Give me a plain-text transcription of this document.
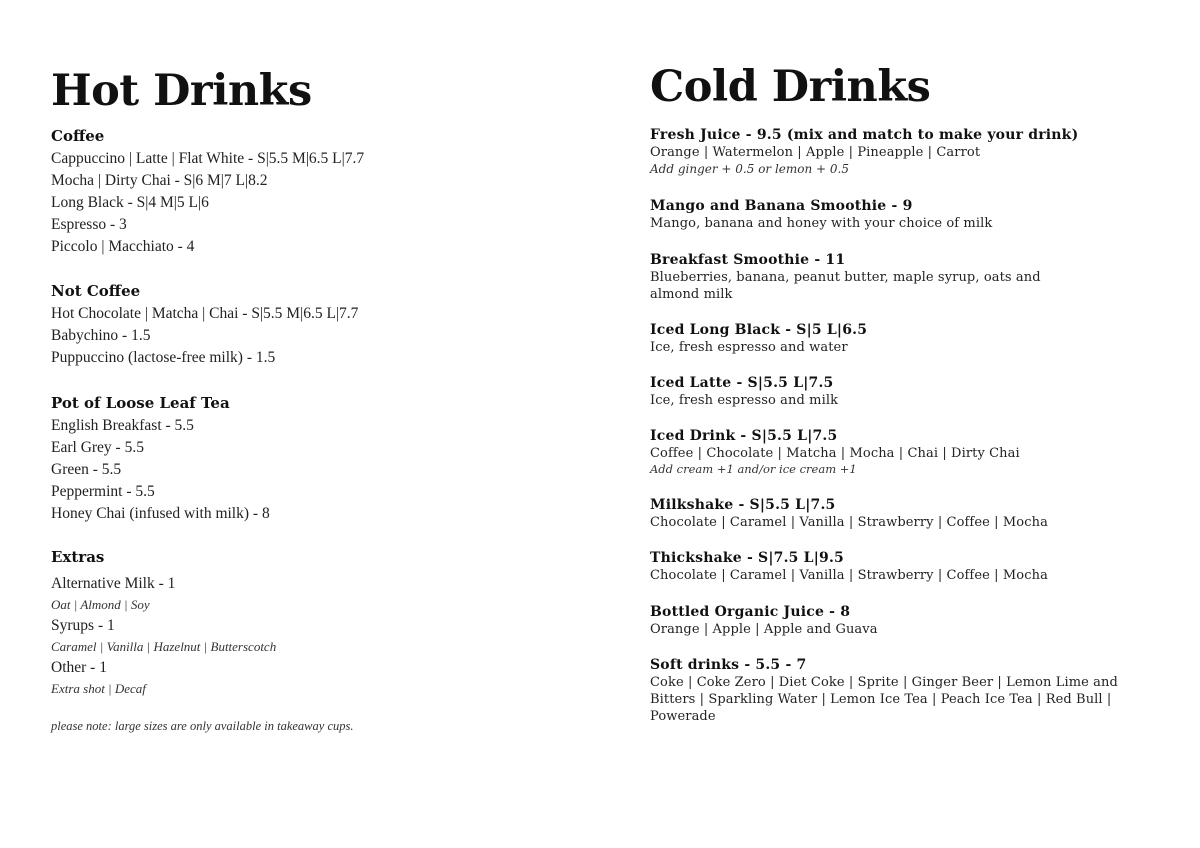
Hot Drinks
Coffee
Cappuccino | Latte | Flat White - S|5.5 M|6.5 L|7.7
Mocha | Dirty Chai - S|6 M|7 L|8.2
Long Black - S|4 M|5 L|6
Espresso - 3
Piccolo | Macchiato - 4
Not Coffee
Hot Chocolate | Matcha | Chai - S|5.5 M|6.5 L|7.7
Babychino - 1.5
Puppuccino (lactose-free milk) - 1.5
Pot of Loose Leaf Tea
English Breakfast - 5.5
Earl Grey - 5.5
Green - 5.5
Peppermint - 5.5
Honey Chai (infused with milk) - 8
Extras
Alternative Milk - 1
Oat | Almond | Soy
Syrups - 1
Caramel | Vanilla | Hazelnut | Butterscotch
Other - 1
Extra shot | Decaf
please note: large sizes are only available in takeaway cups.
Cold Drinks
Fresh Juice - 9.5 (mix and match to make your drink)
Orange | Watermelon | Apple | Pineapple | Carrot
Add ginger + 0.5 or lemon + 0.5
Mango and Banana Smoothie - 9
Mango, banana and honey with your choice of milk
Breakfast Smoothie - 11
Blueberries, banana, peanut butter, maple syrup, oats and almond milk
Iced Long Black - S|5 L|6.5
Ice, fresh espresso and water
Iced Latte - S|5.5 L|7.5
Ice, fresh espresso and milk
Iced Drink - S|5.5 L|7.5
Coffee | Chocolate | Matcha | Mocha | Chai | Dirty Chai
Add cream +1 and/or ice cream +1
Milkshake - S|5.5 L|7.5
Chocolate | Caramel | Vanilla | Strawberry | Coffee | Mocha
Thickshake - S|7.5 L|9.5
Chocolate | Caramel | Vanilla | Strawberry | Coffee | Mocha
Bottled Organic Juice - 8
Orange | Apple | Apple and Guava
Soft drinks - 5.5 - 7
Coke | Coke Zero | Diet Coke | Sprite | Ginger Beer | Lemon Lime and Bitters | Sparkling Water | Lemon Ice Tea | Peach Ice Tea | Red Bull | Powerade
